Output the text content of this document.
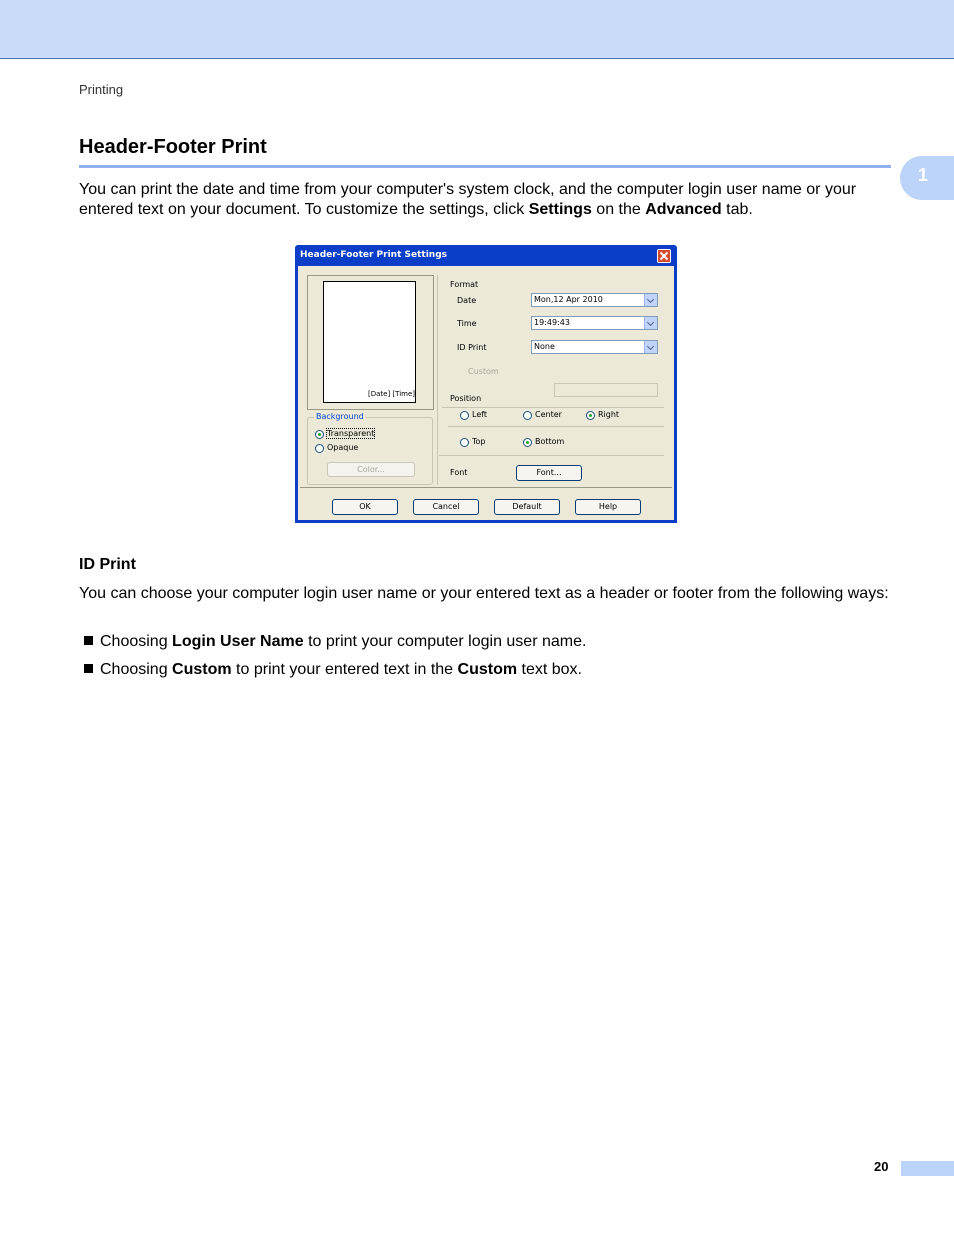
Printing
Header-Footer Print
1
You can print the date and time from your computer's system clock, and the computer login user name or your entered text on your document. To customize the settings, click Settings on the Advanced tab.
Header-Footer Print Settings
[Date] [Time]
Background
Transparent
Opaque
Color...
Format
Date	Mon,12 Apr 2010
Time	19:49:43
ID Print	None
Custom
Position
Left	Center	Right
Top	Bottom
Font	Font...
OK	Cancel	Default	Help
ID Print
You can choose your computer login user name or your entered text as a header or footer from the following ways:
Choosing Login User Name to print your computer login user name.
Choosing Custom to print your entered text in the Custom text box.
20
